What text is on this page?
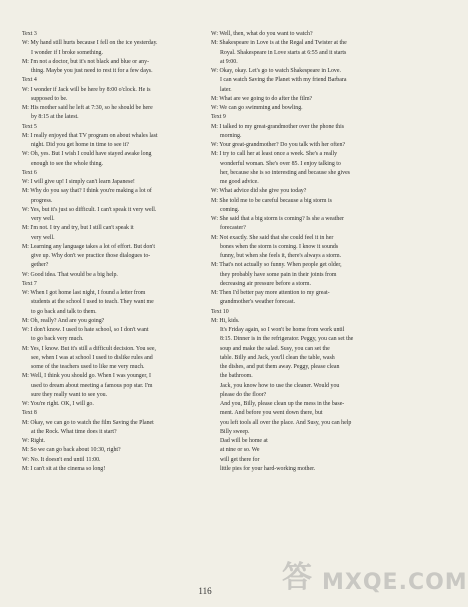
Text 3
W: My hand still hurts because I fell on the ice yesterday.
I wonder if I broke something.
M: I'm not a doctor, but it's not black and blue or any-
thing. Maybe you just need to rest it for a few days.
Text 4
W: I wonder if Jack will be here by 8:00 o'clock. He is
supposed to be.
M: His mother said he left at 7:30, so he should be here
by 8:15 at the latest.
Text 5
M: I really enjoyed that TV program on about whales last
night. Did you get home in time to see it?
W: Oh, yes. But I wish I could have stayed awake long
enough to see the whole thing.
Text 6
W: I will give up! I simply can't learn Japanese!
M: Why do you say that? I think you're making a lot of
progress.
W: Yes, but it's just so difficult. I can't speak it very well.
very well.
M: I'm not. I try and try, but I still can't speak it
very well.
M: Learning any language takes a lot of effort. But don't
give up. Why don't we practice those dialogues to-
gether?
W: Good idea. That would be a big help.
Text 7
W: When I got home last night, I found a letter from
students at the school I used to teach. They want me
to go back and talk to them.
M: Oh, really? And are you going?
W: I don't know. I used to hate school, so I don't want
to go back very much.
M: Yes, I know. But it's still a difficult decision. You see,
see, when I was at school I used to dislike rules and
some of the teachers used to like me very much.
M: Well, I think you should go. When I was younger, I
used to dream about meeting a famous pop star. I'm
sure they really want to see you.
W: You're right. OK, I will go.
Text 8
M: Okay, we can go to watch the film Saving the Planet
at the Rock. What time does it start?
W: Right.
M: So we can go back about 10:30, right?
W: No. It doesn't end until 11:00.
M: I can't sit at the cinema so long!
W: Well, then, what do you want to watch?
M: Shakespeare in Love is at the Regal and Twister at the
Royal. Shakespeare in Love starts at 6:55 and it starts
at 9:00.
W: Okay, okay. Let's go to watch Shakespeare in Love.
I can watch Saving the Planet with my friend Barbara
later.
M: What are we going to do after the film?
W: We can go swimming and bowling.
Text 9
M: I talked to my great-grandmother over the phone this
morning.
W: Your great-grandmother? Do you talk with her often?
M: I try to call her at least once a week. She's a really
wonderful woman. She's over 85. I enjoy talking to
her, because she is so interesting and because she gives
me good advice.
W: What advice did she give you today?
M: She told me to be careful because a big storm is
coming.
W: She said that a big storm is coming? Is she a weather
forecaster?
M: Not exactly. She said that she could feel it in her
bones when the storm is coming. I know it sounds
funny, but when she feels it, there's always a storm.
M: That's not actually so funny. When people get older,
they probably have some pain in their joints from
decreasing air pressure before a storm.
M: Then I'd better pay more attention to my great-
grandmother's weather forecast.
Text 10
M: Hi, kids.
It's Friday again, so I won't be home from work until
8:15. Dinner is in the refrigerator. Peggy, you can set the
soup and make the salad. Susy, you can set the
table. Billy and Jack, you'll clean the table, wash
the dishes, and put them away. Peggy, please clean
the bathroom.
Jack, you know how to use the cleaner. Would you
please do the floor?
And you, Billy, please clean up the mess in the base-
ment. And before you went down there, but
you left tools all over the place. And Susy, you can help
Billy sweep.
Dad will be home at
at nine or so. We
will get there for
little pies for your hard-working mother.
116	答 MXQE.COM
